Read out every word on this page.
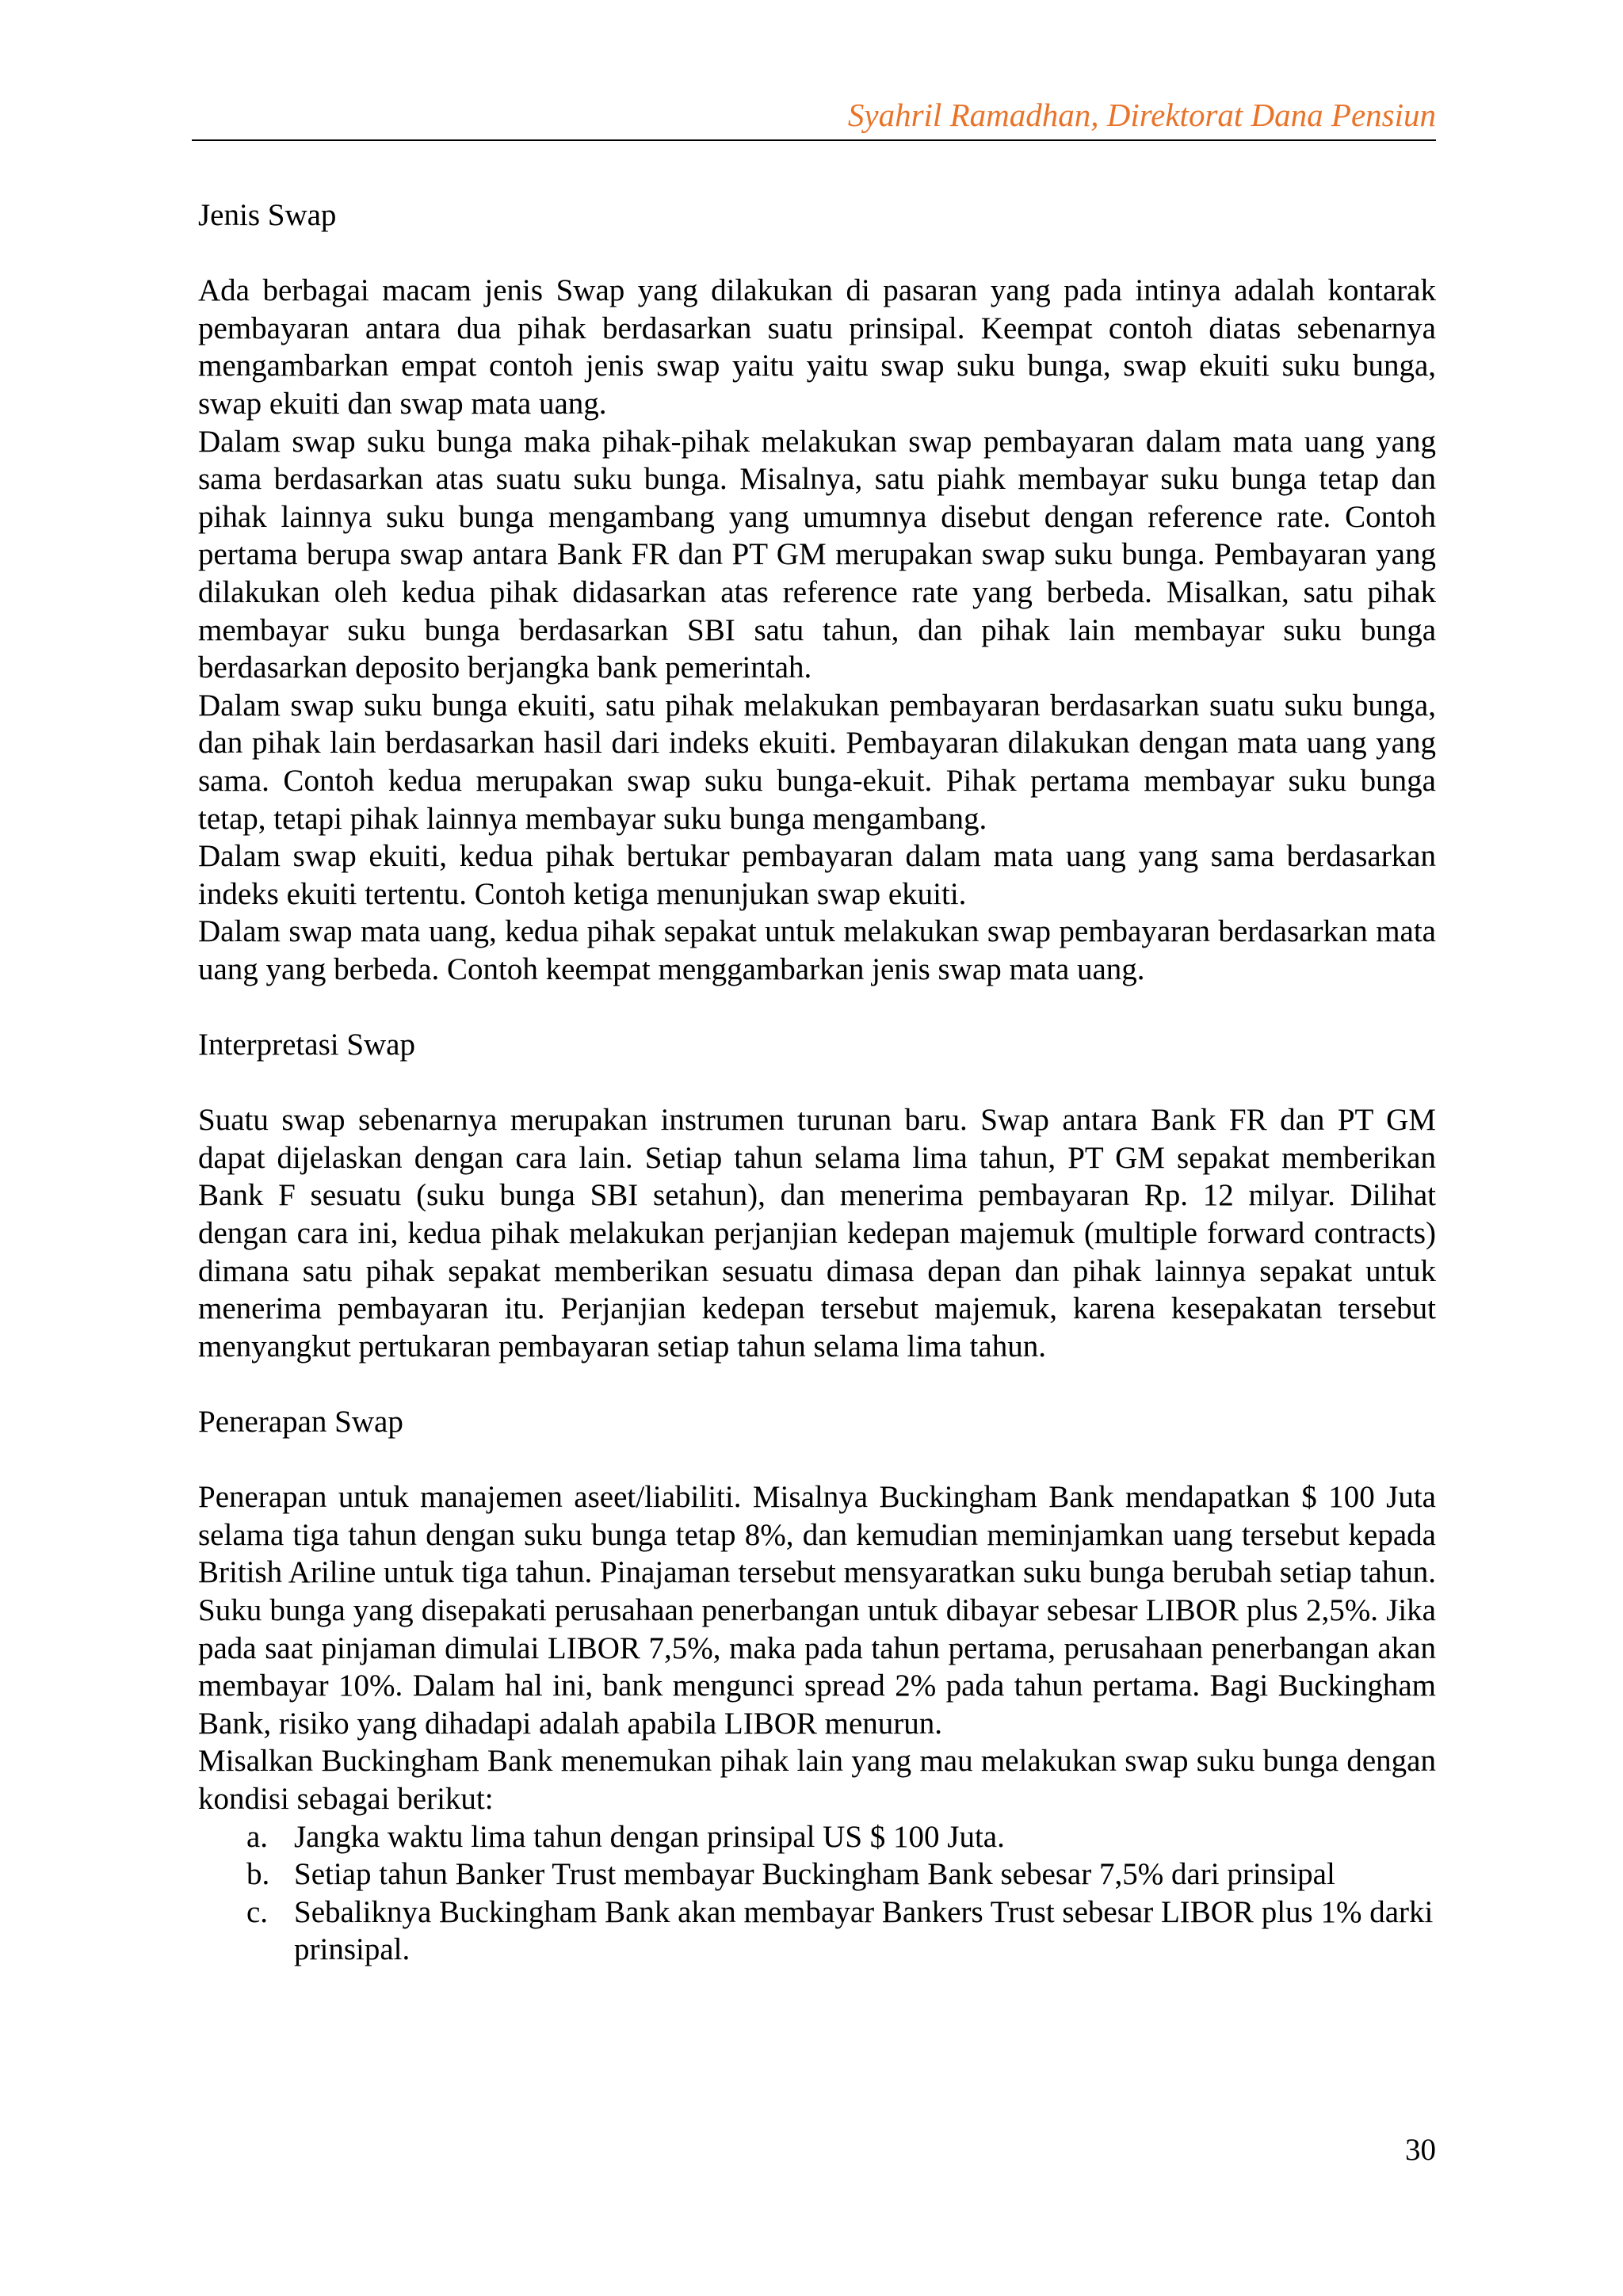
Syahril Ramadhan, Direktorat Dana Pensiun
Jenis Swap

Ada berbagai macam jenis Swap yang dilakukan di pasaran yang pada intinya adalah kontarak pembayaran antara dua pihak berdasarkan suatu prinsipal. Keempat contoh diatas sebenarnya mengambarkan empat contoh jenis swap yaitu yaitu swap suku bunga, swap ekuiti suku bunga, swap ekuiti dan swap mata uang.

Dalam swap suku bunga maka pihak-pihak melakukan swap pembayaran dalam mata uang yang sama berdasarkan atas suatu suku bunga. Misalnya, satu piahk membayar suku bunga tetap dan pihak lainnya suku bunga mengambang yang umumnya disebut dengan reference rate. Contoh pertama berupa swap antara Bank FR dan PT GM merupakan swap suku bunga. Pembayaran yang dilakukan oleh kedua pihak didasarkan atas reference rate yang berbeda. Misalkan, satu pihak membayar suku bunga berdasarkan SBI satu tahun, dan pihak lain membayar suku bunga berdasarkan deposito berjangka bank pemerintah.

Dalam swap suku bunga ekuiti, satu pihak melakukan pembayaran berdasarkan suatu suku bunga, dan pihak lain berdasarkan hasil dari indeks ekuiti. Pembayaran dilakukan dengan mata uang yang sama. Contoh kedua merupakan swap suku bunga-ekuit. Pihak pertama membayar suku bunga tetap, tetapi pihak lainnya membayar suku bunga mengambang.

Dalam swap ekuiti, kedua pihak bertukar pembayaran dalam mata uang yang sama berdasarkan indeks ekuiti tertentu. Contoh ketiga menunjukan swap ekuiti.

Dalam swap mata uang, kedua pihak sepakat untuk melakukan swap pembayaran berdasarkan mata uang yang berbeda. Contoh keempat menggambarkan jenis swap mata uang.

Interpretasi Swap

Suatu swap sebenarnya merupakan instrumen turunan baru. Swap antara Bank FR dan PT GM dapat dijelaskan dengan cara lain. Setiap tahun selama lima tahun, PT GM sepakat memberikan Bank F sesuatu (suku bunga SBI setahun), dan menerima pembayaran Rp. 12 milyar. Dilihat dengan cara ini, kedua pihak melakukan perjanjian kedepan majemuk (multiple forward contracts) dimana satu pihak sepakat memberikan sesuatu dimasa depan dan pihak lainnya sepakat untuk menerima pembayaran itu. Perjanjian kedepan tersebut majemuk, karena kesepakatan tersebut menyangkut pertukaran pembayaran setiap tahun selama lima tahun.

Penerapan Swap

Penerapan untuk manajemen aseet/liabiliti. Misalnya Buckingham Bank mendapatkan $ 100 Juta selama tiga tahun dengan suku bunga tetap 8%, dan kemudian meminjamkan uang tersebut kepada British Ariline untuk tiga tahun. Pinajaman tersebut mensyaratkan suku bunga berubah setiap tahun. Suku bunga yang disepakati perusahaan penerbangan untuk dibayar sebesar LIBOR plus 2,5%. Jika pada saat pinjaman dimulai LIBOR 7,5%, maka pada tahun pertama, perusahaan penerbangan akan membayar 10%. Dalam hal ini, bank mengunci spread 2% pada tahun pertama. Bagi Buckingham Bank, risiko yang dihadapi adalah apabila LIBOR menurun.

Misalkan Buckingham Bank menemukan pihak lain yang mau melakukan swap suku bunga dengan kondisi sebagai berikut:

a. Jangka waktu lima tahun dengan prinsipal US $ 100 Juta.
b. Setiap tahun Banker Trust membayar Buckingham Bank sebesar 7,5% dari prinsipal
c. Sebaliknya Buckingham Bank akan membayar Bankers Trust sebesar LIBOR plus 1% darki prinsipal.
30
